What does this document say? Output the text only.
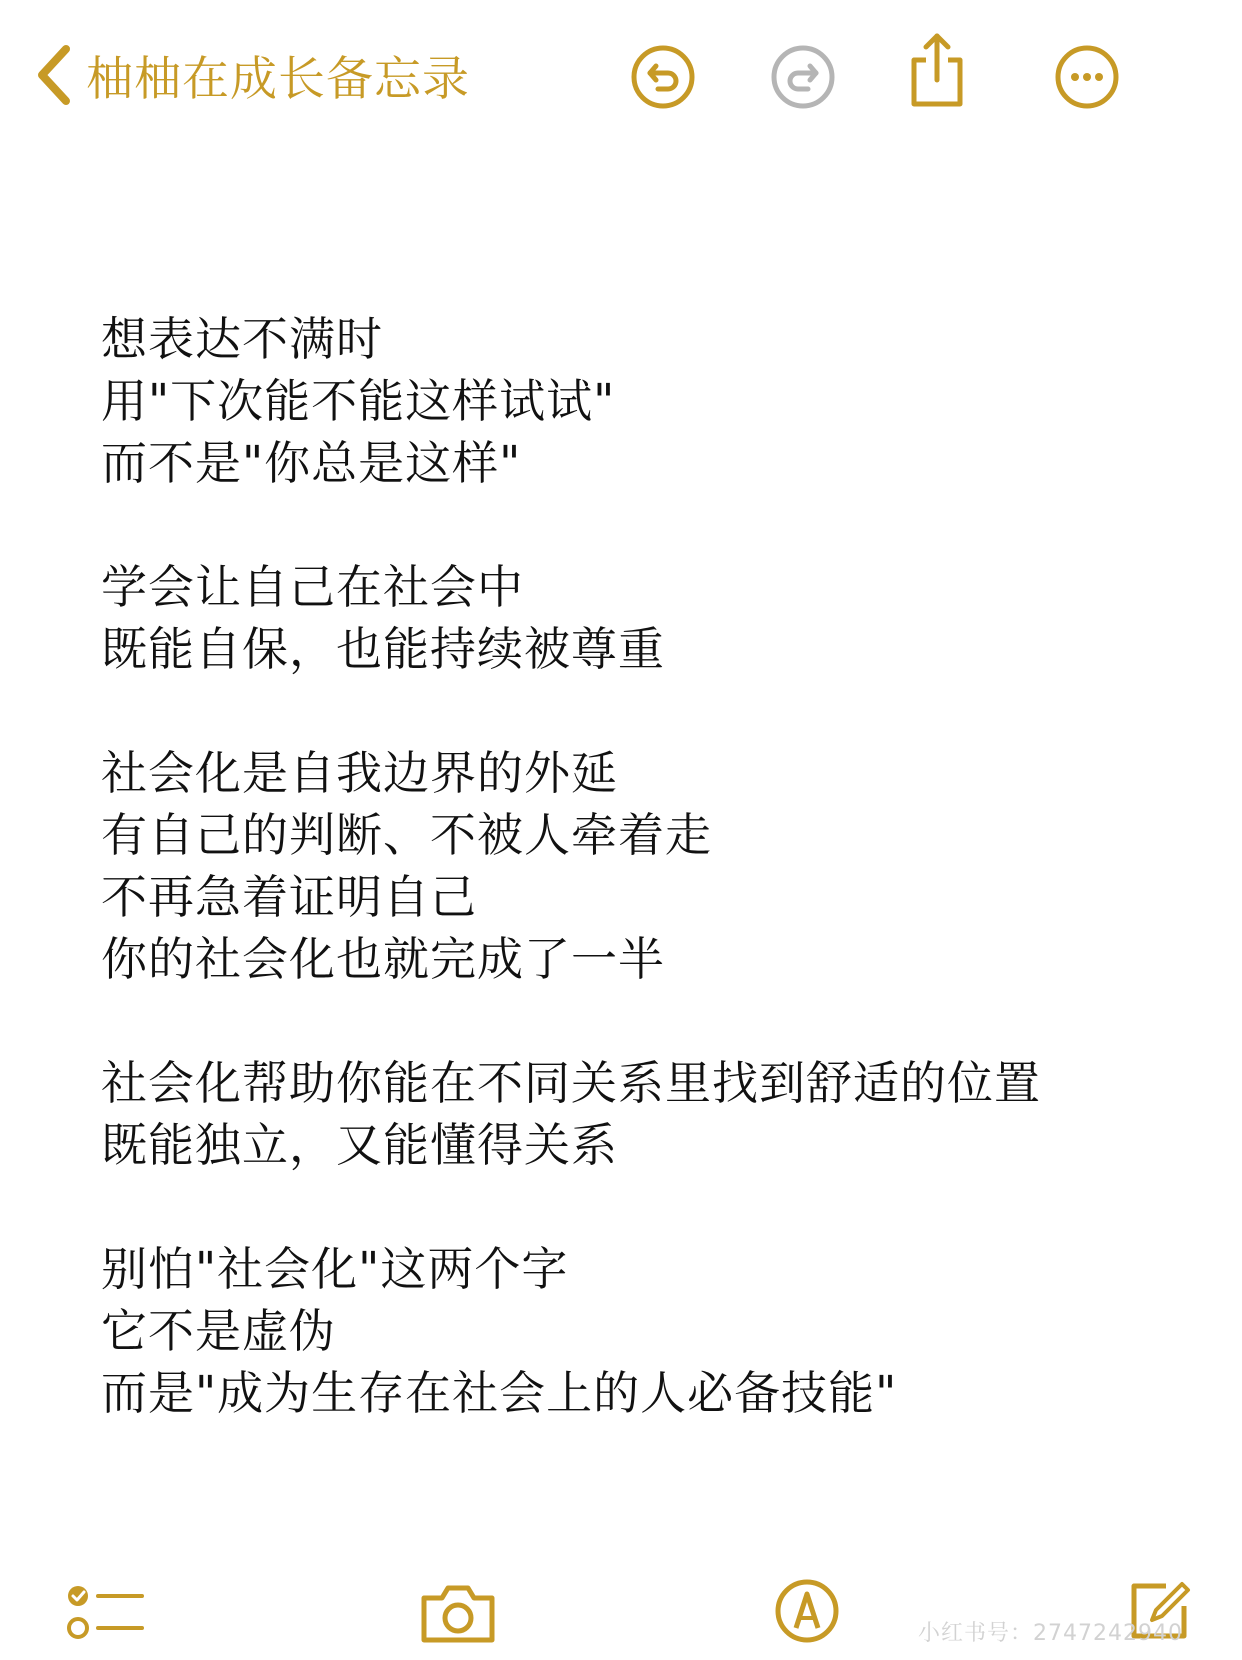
柚柚在成长备忘录
想表达不满时
用"下次能不能这样试试"
而不是"你总是这样"
学会让自己在社会中
既能自保，也能持续被尊重
社会化是自我边界的外延
有自己的判断、不被人牵着走
不再急着证明自己
你的社会化也就完成了一半
社会化帮助你能在不同关系里找到舒适的位置
既能独立，又能懂得关系
别怕"社会化"这两个字
它不是虚伪
而是"成为生存在社会上的人必备技能"
小红书号：2747242940
